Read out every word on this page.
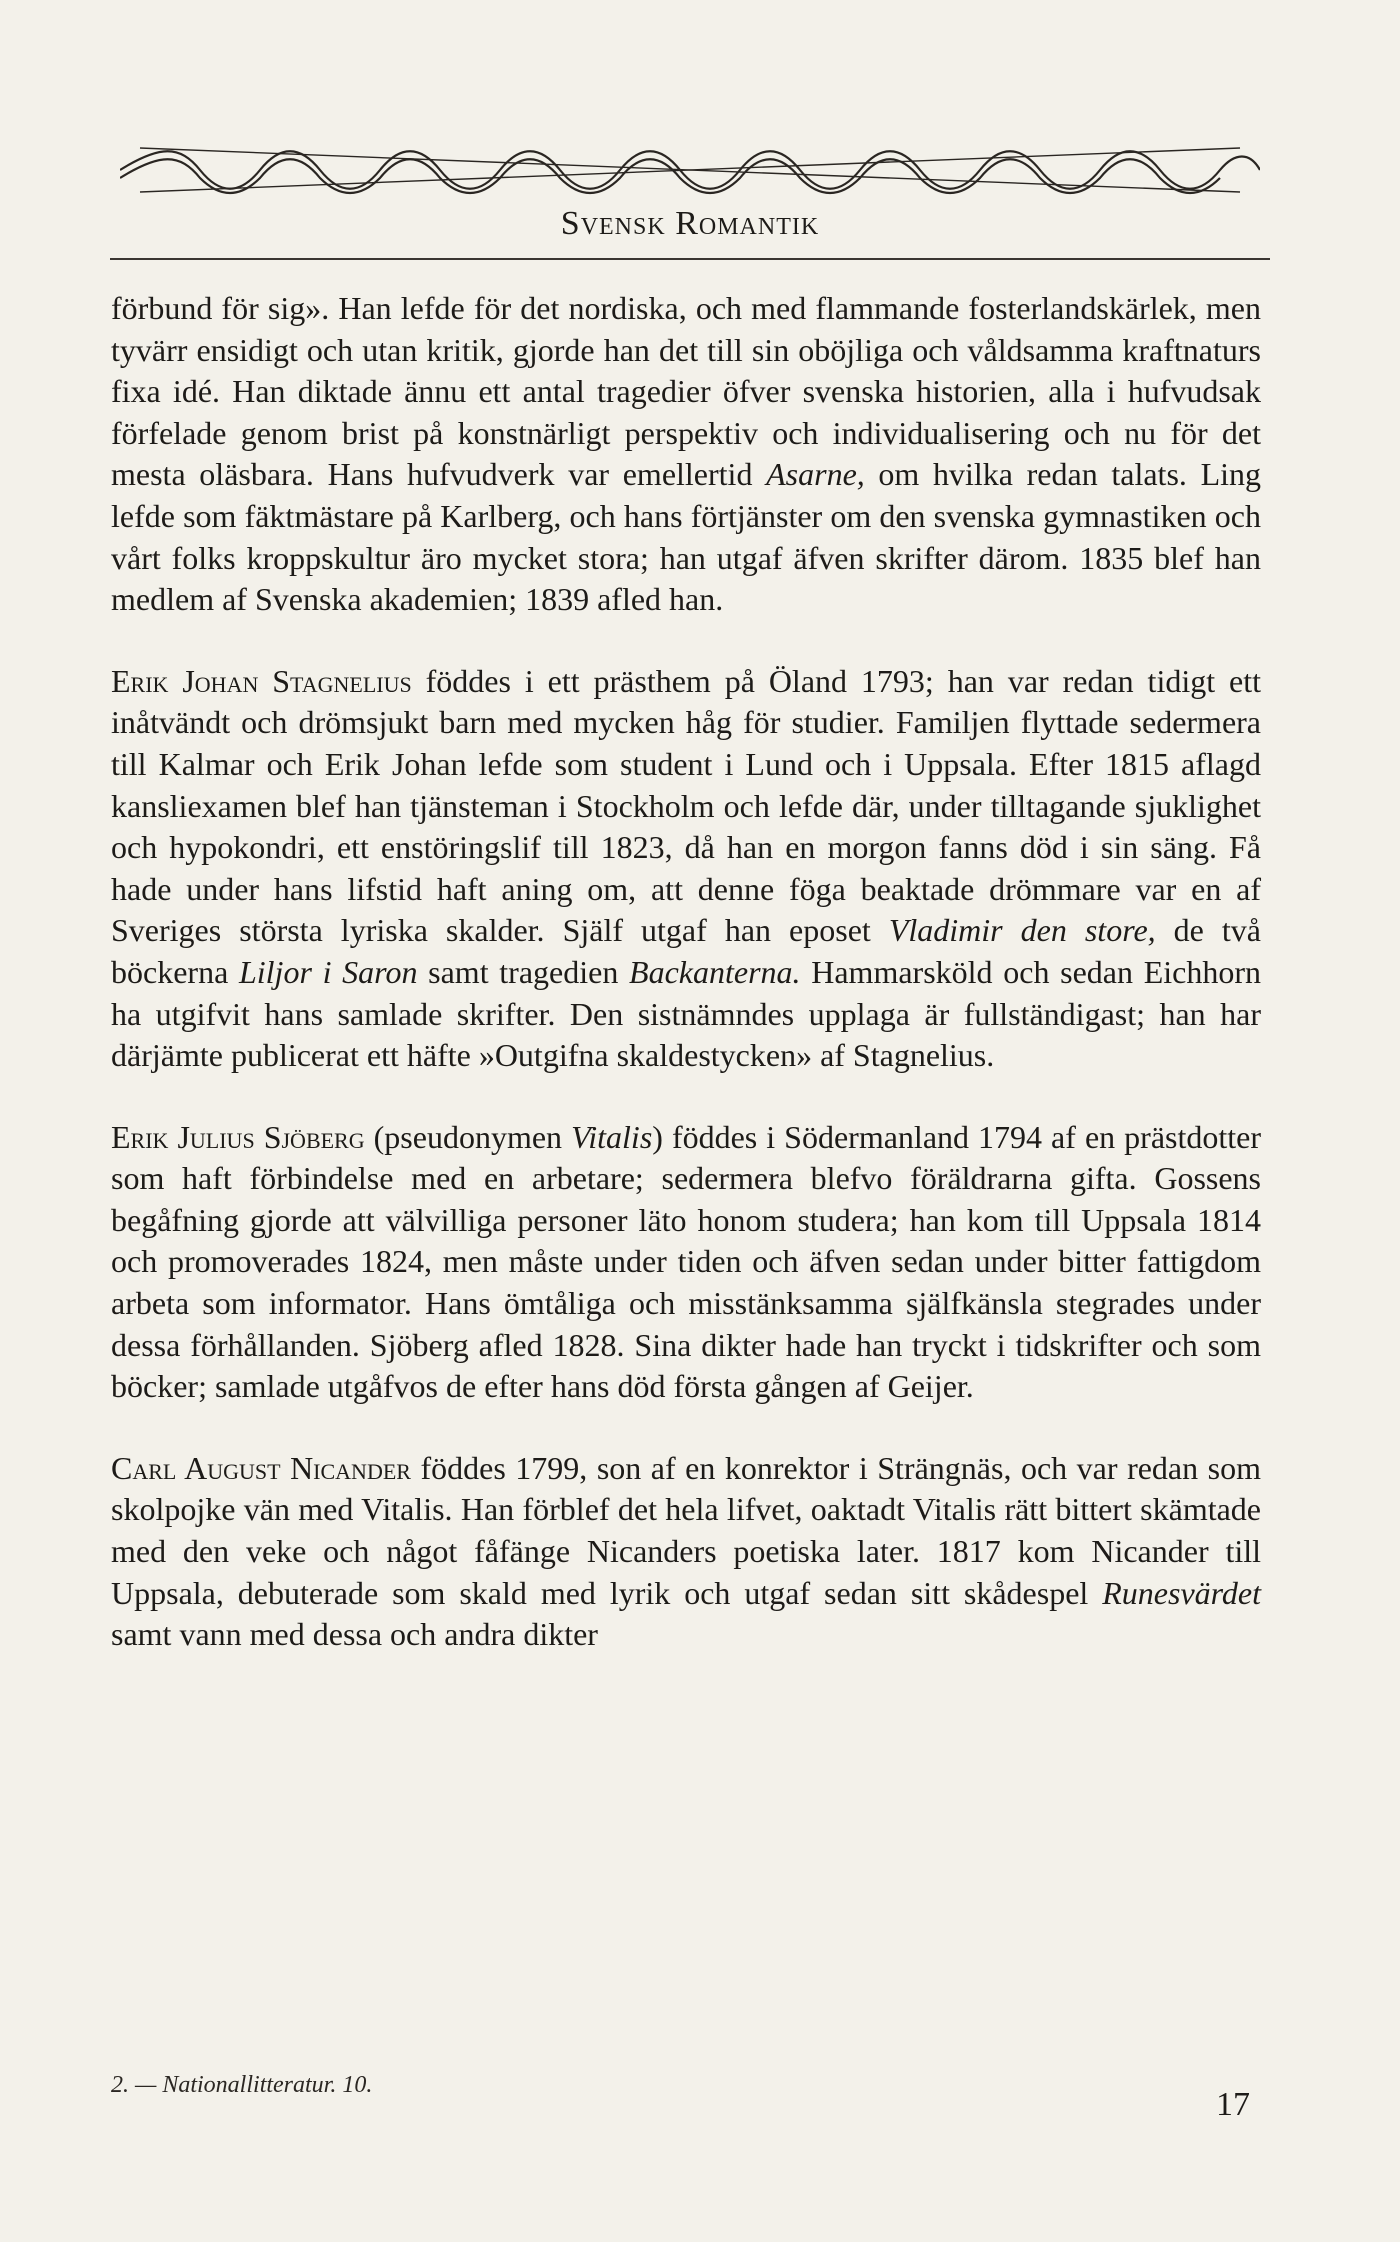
Svensk Romantik

förbund för sig». Han lefde för det nordiska, och med flammande fosterlandskärlek, men tyvärr ensidigt och utan kritik, gjorde han det till sin oböjliga och våldsamma kraftnaturs fixa idé. Han diktade ännu ett antal tragedier öfver svenska historien, alla i hufvudsak förfelade genom brist på konstnärligt perspektiv och individualisering och nu för det mesta oläsbara. Hans hufvudverk var emellertid Asarne, om hvilka redan talats. Ling lefde som fäktmästare på Karlberg, och hans förtjänster om den svenska gymnastiken och vårt folks kroppskultur äro mycket stora; han utgaf äfven skrifter därom. 1835 blef han medlem af Svenska akademien; 1839 afled han.

Erik Johan Stagnelius föddes i ett prästhem på Öland 1793; han var redan tidigt ett inåtvändt och drömsjukt barn med mycken håg för studier. Familjen flyttade sedermera till Kalmar och Erik Johan lefde som student i Lund och i Uppsala. Efter 1815 aflagd kansliexamen blef han tjänsteman i Stockholm och lefde där, under tilltagande sjuklighet och hypokondri, ett enstöringslif till 1823, då han en morgon fanns död i sin säng. Få hade under hans lifstid haft aning om, att denne föga beaktade drömmare var en af Sveriges största lyriska skalder. Själf utgaf han eposet Vladimir den store, de två böckerna Liljor i Saron samt tragedien Backanterna. Hammarsköld och sedan Eichhorn ha utgifvit hans samlade skrifter. Den sistnämndes upplaga är fullständigast; han har därjämte publicerat ett häfte »Outgifna skaldestycken» af Stagnelius.

Erik Julius Sjöberg (pseudonymen Vitalis) föddes i Södermanland 1794 af en prästdotter som haft förbindelse med en arbetare; sedermera blefvo föräldrarna gifta. Gossens begåfning gjorde att välvilliga personer läto honom studera; han kom till Uppsala 1814 och promoverades 1824, men måste under tiden och äfven sedan under bitter fattigdom arbeta som informator. Hans ömtåliga och misstänksamma själfkänsla stegrades under dessa förhållanden. Sjöberg afled 1828. Sina dikter hade han tryckt i tidskrifter och som böcker; samlade utgåfvos de efter hans död första gången af Geijer.

Carl August Nicander föddes 1799, son af en konrektor i Strängnäs, och var redan som skolpojke vän med Vitalis. Han förblef det hela lifvet, oaktadt Vitalis rätt bittert skämtade med den veke och något fåfänge Nicanders poetiska later. 1817 kom Nicander till Uppsala, debuterade som skald med lyrik och utgaf sedan sitt skådespel Runesvärdet samt vann med dessa och andra dikter

2. — Nationallitteratur. 10.
17
